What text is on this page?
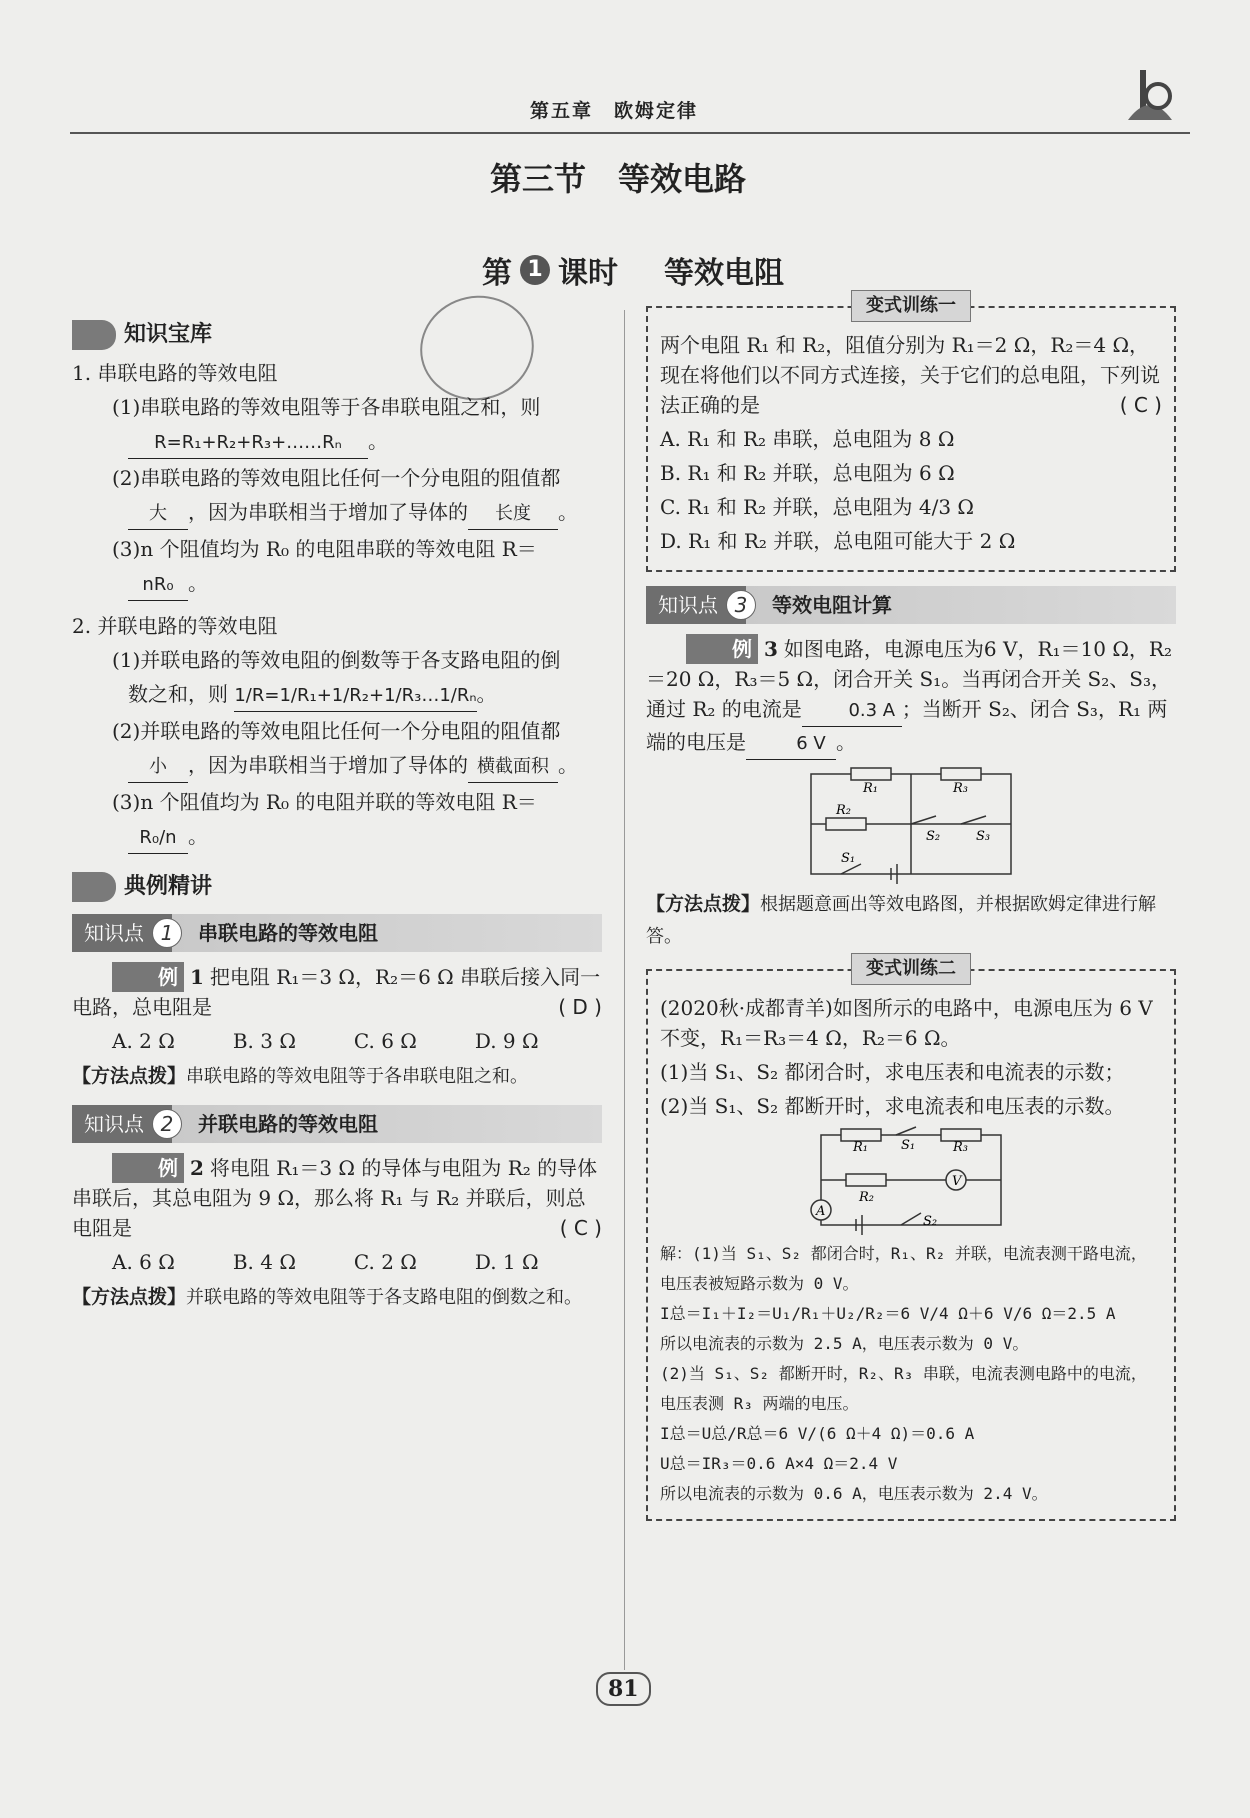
第五章　欧姆定律
第三节　等效电路
第 1 课时 等效电阻
知识宝库
1. 串联电路的等效电阻
(1)串联电路的等效电阻等于各串联电阻之和，则
R=R₁+R₂+R₃+……Rₙ 。
(2)串联电路的等效电阻比任何一个分电阻的阻值都
大 ，因为串联相当于增加了导体的 长度 。
(3)n 个阻值均为 R₀ 的电阻串联的等效电阻 R＝
nR₀ 。
2. 并联电路的等效电阻
(1)并联电路的等效电阻的倒数等于各支路电阻的倒
数之和，则 1/R=1/R₁+1/R₂+1/R₃…1/Rₙ。
(2)并联电路的等效电阻比任何一个分电阻的阻值都
小 ，因为串联相当于增加了导体的 横截面积 。
(3)n 个阻值均为 R₀ 的电阻并联的等效电阻 R＝
R₀/n 。
典例精讲
知识点 1	串联电路的等效电阻
例 1 把电阻 R₁＝3 Ω，R₂＝6 Ω 串联后接入同一电路，总电阻是	( D )
A. 2 Ω	B. 3 Ω	C. 6 Ω	D. 9 Ω
【方法点拨】串联电路的等效电阻等于各串联电阻之和。
知识点 2	并联电路的等效电阻
例 2 将电阻 R₁＝3 Ω 的导体与电阻为 R₂ 的导体串联后，其总电阻为 9 Ω，那么将 R₁ 与 R₂ 并联后，则总电阻是	( C )
A. 6 Ω	B. 4 Ω	C. 2 Ω	D. 1 Ω
【方法点拨】并联电路的等效电阻等于各支路电阻的倒数之和。
变式训练一
两个电阻 R₁ 和 R₂，阻值分别为 R₁＝2 Ω，R₂＝4 Ω，现在将他们以不同方式连接，关于它们的总电阻，下列说法正确的是	( C )
A. R₁ 和 R₂ 串联，总电阻为 8 Ω
B. R₁ 和 R₂ 并联，总电阻为 6 Ω
C. R₁ 和 R₂ 并联，总电阻为 4/3 Ω
D. R₁ 和 R₂ 并联，总电阻可能大于 2 Ω
知识点 3	等效电阻计算
例 3 如图电路，电源电压为6 V，R₁＝10 Ω，R₂＝20 Ω，R₃＝5 Ω，闭合开关 S₁。当再闭合开关 S₂、S₃，通过 R₂ 的电流是	0.3 A ；当断开 S₂、闭合 S₃，R₁ 两端的电压是	6 V 。
R₁	R₃
R₂
S₂	S₃
S₁
【方法点拨】根据题意画出等效电路图，并根据欧姆定律进行解答。
变式训练二
(2020秋·成都青羊)如图所示的电路中，电源电压为 6 V 不变，R₁＝R₃＝4 Ω，R₂＝6 Ω。
(1)当 S₁、S₂ 都闭合时，求电压表和电流表的示数；
(2)当 S₁、S₂ 都断开时，求电流表和电压表的示数。
R₁	S₁	R₃
R₂
V
A
S₂
解：(1)当 S₁、S₂ 都闭合时，R₁、R₂ 并联，电流表测干路电流，电压表被短路示数为 0 V。
I总＝I₁＋I₂＝U₁/R₁＋U₂/R₂＝6 V/4 Ω＋6 V/6 Ω＝2.5 A
所以电流表的示数为 2.5 A，电压表示数为 0 V。
(2)当 S₁、S₂ 都断开时，R₂、R₃ 串联，电流表测电路中的电流，电压表测 R₃ 两端的电压。
I总＝U总/R总＝6 V/(6 Ω＋4 Ω)＝0.6 A
U总＝IR₃＝0.6 A×4 Ω＝2.4 V
所以电流表的示数为 0.6 A，电压表示数为 2.4 V。
81
